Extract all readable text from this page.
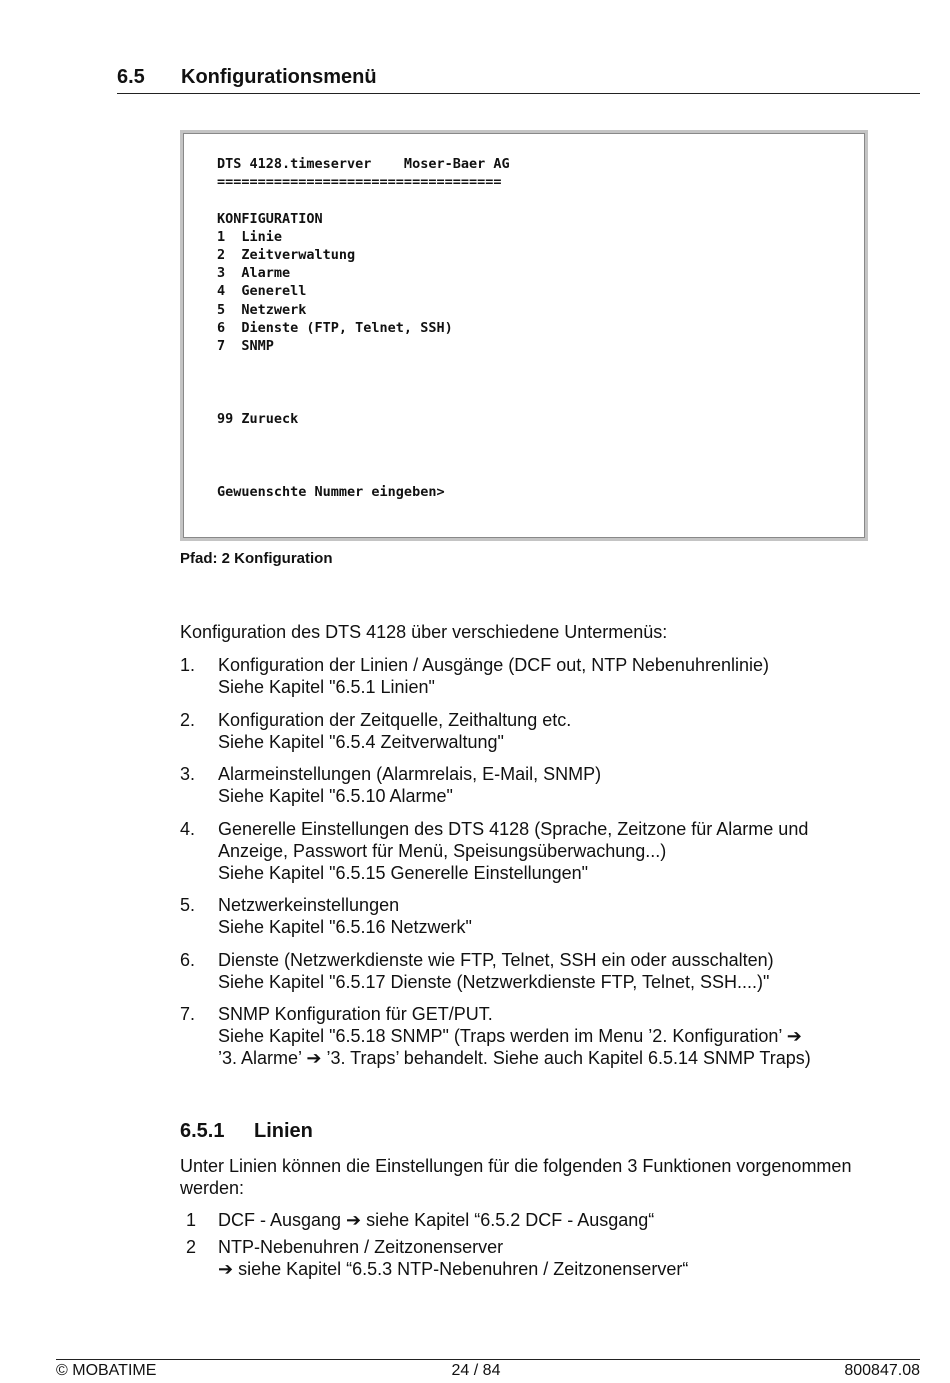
6.5 Konfigurationsmenü
DTS 4128.timeserver    Moser-Baer AG
===================================

KONFIGURATION
1  Linie
2  Zeitverwaltung
3  Alarme
4  Generell
5  Netzwerk
6  Dienste (FTP, Telnet, SSH)
7  SNMP

99 Zurueck

Gewuenschte Nummer eingeben>
Pfad: 2 Konfiguration
Konfiguration des DTS 4128 über verschiedene Untermenüs:
1. Konfiguration der Linien / Ausgänge (DCF out, NTP Nebenuhrenlinie)
Siehe Kapitel "6.5.1 Linien"
2. Konfiguration der Zeitquelle, Zeithaltung etc.
Siehe Kapitel "6.5.4 Zeitverwaltung"
3. Alarmeinstellungen (Alarmrelais, E-Mail, SNMP)
Siehe Kapitel "6.5.10 Alarme"
4. Generelle Einstellungen des DTS 4128 (Sprache, Zeitzone für Alarme und
Anzeige, Passwort für Menü, Speisungsüberwachung...)
Siehe Kapitel "6.5.15 Generelle Einstellungen"
5. Netzwerkeinstellungen
Siehe Kapitel "6.5.16 Netzwerk"
6. Dienste (Netzwerkdienste wie FTP, Telnet, SSH ein oder ausschalten)
Siehe Kapitel "6.5.17 Dienste (Netzwerkdienste FTP, Telnet, SSH....)"
7. SNMP Konfiguration für GET/PUT.
Siehe Kapitel "6.5.18 SNMP" (Traps werden im Menu ’2. Konfiguration’ ➔
’3. Alarme’ ➔ ’3. Traps’ behandelt. Siehe auch Kapitel 6.5.14 SNMP Traps)
6.5.1 Linien
Unter Linien können die Einstellungen für die folgenden 3 Funktionen vorgenommen werden:
1 DCF - Ausgang ➔ siehe Kapitel “6.5.2 DCF - Ausgang“
2 NTP-Nebenuhren / Zeitzonenserver
➔ siehe Kapitel “6.5.3 NTP-Nebenuhren / Zeitzonenserver“
© MOBATIME	24 / 84	800847.08
